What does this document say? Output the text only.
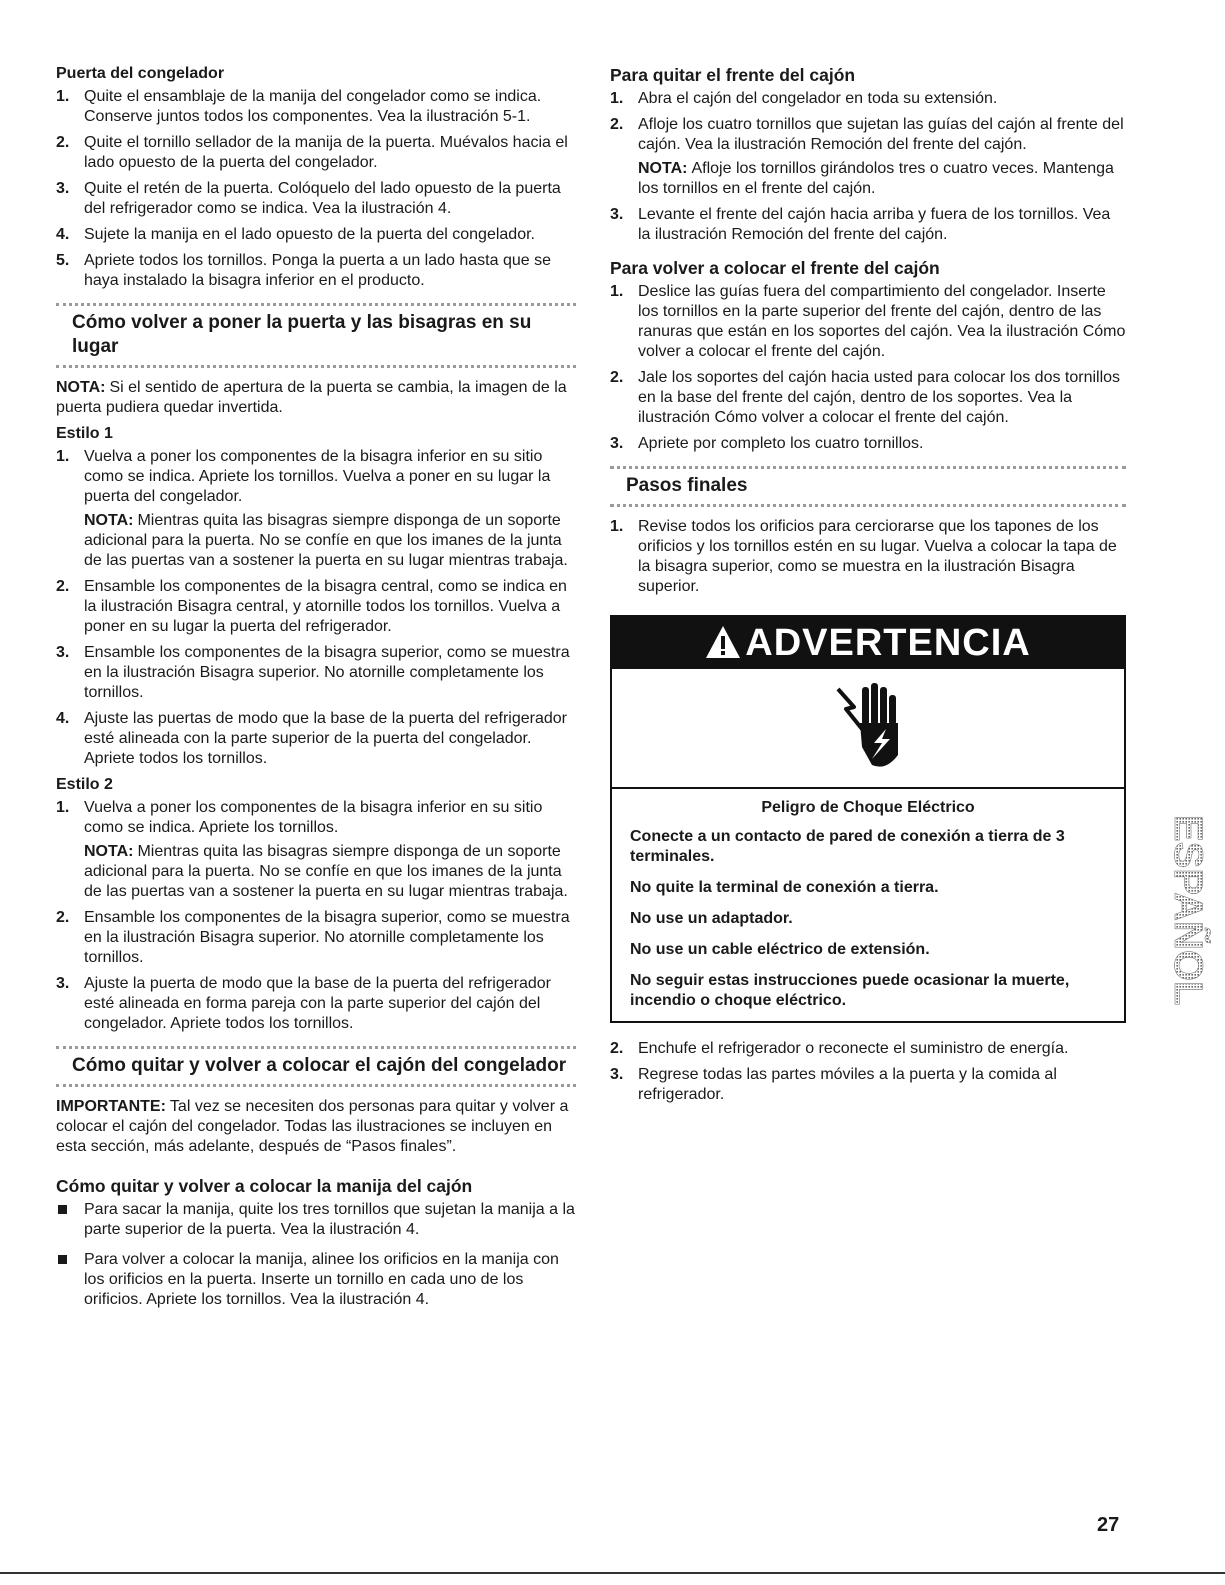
Puerta del congelador
1. Quite el ensamblaje de la manija del congelador como se indica. Conserve juntos todos los componentes. Vea la ilustración 5-1.
2. Quite el tornillo sellador de la manija de la puerta. Muévalos hacia el lado opuesto de la puerta del congelador.
3. Quite el retén de la puerta. Colóquelo del lado opuesto de la puerta del refrigerador como se indica. Vea la ilustración 4.
4. Sujete la manija en el lado opuesto de la puerta del congelador.
5. Apriete todos los tornillos. Ponga la puerta a un lado hasta que se haya instalado la bisagra inferior en el producto.
Cómo volver a poner la puerta y las bisagras en su lugar

NOTA: Si el sentido de apertura de la puerta se cambia, la imagen de la puerta pudiera quedar invertida.

Estilo 1
1. Vuelva a poner los componentes de la bisagra inferior en su sitio como se indica. Apriete los tornillos. Vuelva a poner en su lugar la puerta del congelador.
NOTA: Mientras quita las bisagras siempre disponga de un soporte adicional para la puerta. No se confíe en que los imanes de la junta de las puertas van a sostener la puerta en su lugar mientras trabaja.
2. Ensamble los componentes de la bisagra central, como se indica en la ilustración Bisagra central, y atornille todos los tornillos. Vuelva a poner en su lugar la puerta del refrigerador.
3. Ensamble los componentes de la bisagra superior, como se muestra en la ilustración Bisagra superior. No atornille completamente los tornillos.
4. Ajuste las puertas de modo que la base de la puerta del refrigerador esté alineada con la parte superior de la puerta del congelador. Apriete todos los tornillos.
Estilo 2
1. Vuelva a poner los componentes de la bisagra inferior en su sitio como se indica. Apriete los tornillos.
NOTA: Mientras quita las bisagras siempre disponga de un soporte adicional para la puerta. No se confíe en que los imanes de la junta de las puertas van a sostener la puerta en su lugar mientras trabaja.
2. Ensamble los componentes de la bisagra superior, como se muestra en la ilustración Bisagra superior. No atornille completamente los tornillos.
3. Ajuste la puerta de modo que la base de la puerta del refrigerador esté alineada en forma pareja con la parte superior del cajón del congelador. Apriete todos los tornillos.
Cómo quitar y volver a colocar el cajón del congelador

IMPORTANTE: Tal vez se necesiten dos personas para quitar y volver a colocar el cajón del congelador. Todas las ilustraciones se incluyen en esta sección, más adelante, después de “Pasos finales”.

Cómo quitar y volver a colocar la manija del cajón
Para sacar la manija, quite los tres tornillos que sujetan la manija a la parte superior de la puerta. Vea la ilustración 4.
Para volver a colocar la manija, alinee los orificios en la manija con los orificios en la puerta. Inserte un tornillo en cada uno de los orificios. Apriete los tornillos. Vea la ilustración 4.
Para quitar el frente del cajón
1. Abra el cajón del congelador en toda su extensión.
2. Afloje los cuatro tornillos que sujetan las guías del cajón al frente del cajón. Vea la ilustración Remoción del frente del cajón.
NOTA: Afloje los tornillos girándolos tres o cuatro veces. Mantenga los tornillos en el frente del cajón.
3. Levante el frente del cajón hacia arriba y fuera de los tornillos. Vea la ilustración Remoción del frente del cajón.
Para volver a colocar el frente del cajón
1. Deslice las guías fuera del compartimiento del congelador. Inserte los tornillos en la parte superior del frente del cajón, dentro de las ranuras que están en los soportes del cajón. Vea la ilustración Cómo volver a colocar el frente del cajón.
2. Jale los soportes del cajón hacia usted para colocar los dos tornillos en la base del frente del cajón, dentro de los soportes. Vea la ilustración Cómo volver a colocar el frente del cajón.
3. Apriete por completo los cuatro tornillos.
Pasos finales
1. Revise todos los orificios para cerciorarse que los tapones de los orificios y los tornillos estén en su lugar. Vuelva a colocar la tapa de la bisagra superior, como se muestra en la ilustración Bisagra superior.
ADVERTENCIA

Peligro de Choque Eléctrico

Conecte a un contacto de pared de conexión a tierra de 3 terminales.

No quite la terminal de conexión a tierra.

No use un adaptador.

No use un cable eléctrico de extensión.

No seguir estas instrucciones puede ocasionar la muerte, incendio o choque eléctrico.

2. Enchufe el refrigerador o reconecte el suministro de energía.
3. Regrese todas las partes móviles a la puerta y la comida al refrigerador.
ESPAÑOL
27
